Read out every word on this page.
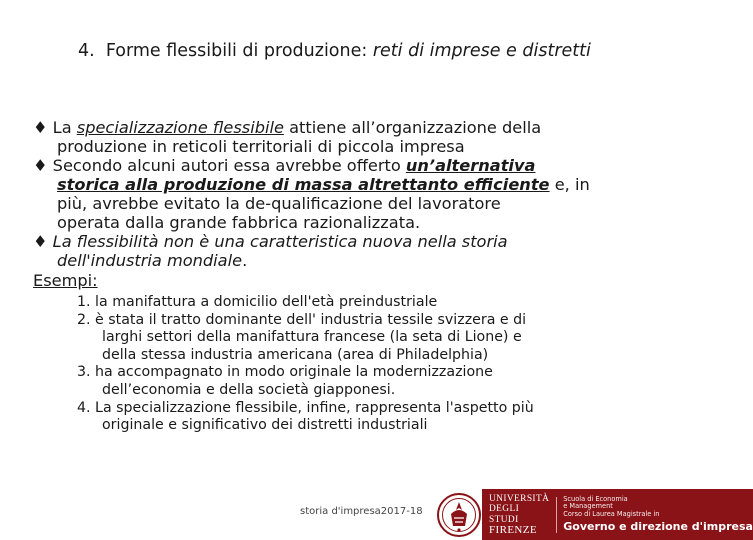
4. Forme flessibili di produzione: reti di imprese e distretti
♦ La specializzazione flessibile attiene all’organizzazione della
produzione in reticoli territoriali di piccola impresa
♦ Secondo alcuni autori essa avrebbe offerto un’alternativa
storica alla produzione di massa altrettanto efficiente e, in
più, avrebbe evitato la de-qualificazione del lavoratore
operata dalla grande fabbrica razionalizzata.
♦ La flessibilità non è una caratteristica nuova nella storia
dell'industria mondiale.
Esempi:
1. la manifattura a domicilio dell'età preindustriale
2. è stata il tratto dominante dell' industria tessile svizzera e di
larghi settori della manifattura francese (la seta di Lione) e
della stessa industria americana (area di Philadelphia)
3. ha accompagnato in modo originale la modernizzazione
dell’economia e della società giapponesi.
4. La specializzazione flessibile, infine, rappresenta l'aspetto più
originale e significativo dei distretti industriali
storia d'impresa2017-18
UNIVERSITÀ
DEGLI STUDI
FIRENZE
Scuola di Economia
e Management
Corso di Laurea Magistrale in
Governo e direzione d'impresa
